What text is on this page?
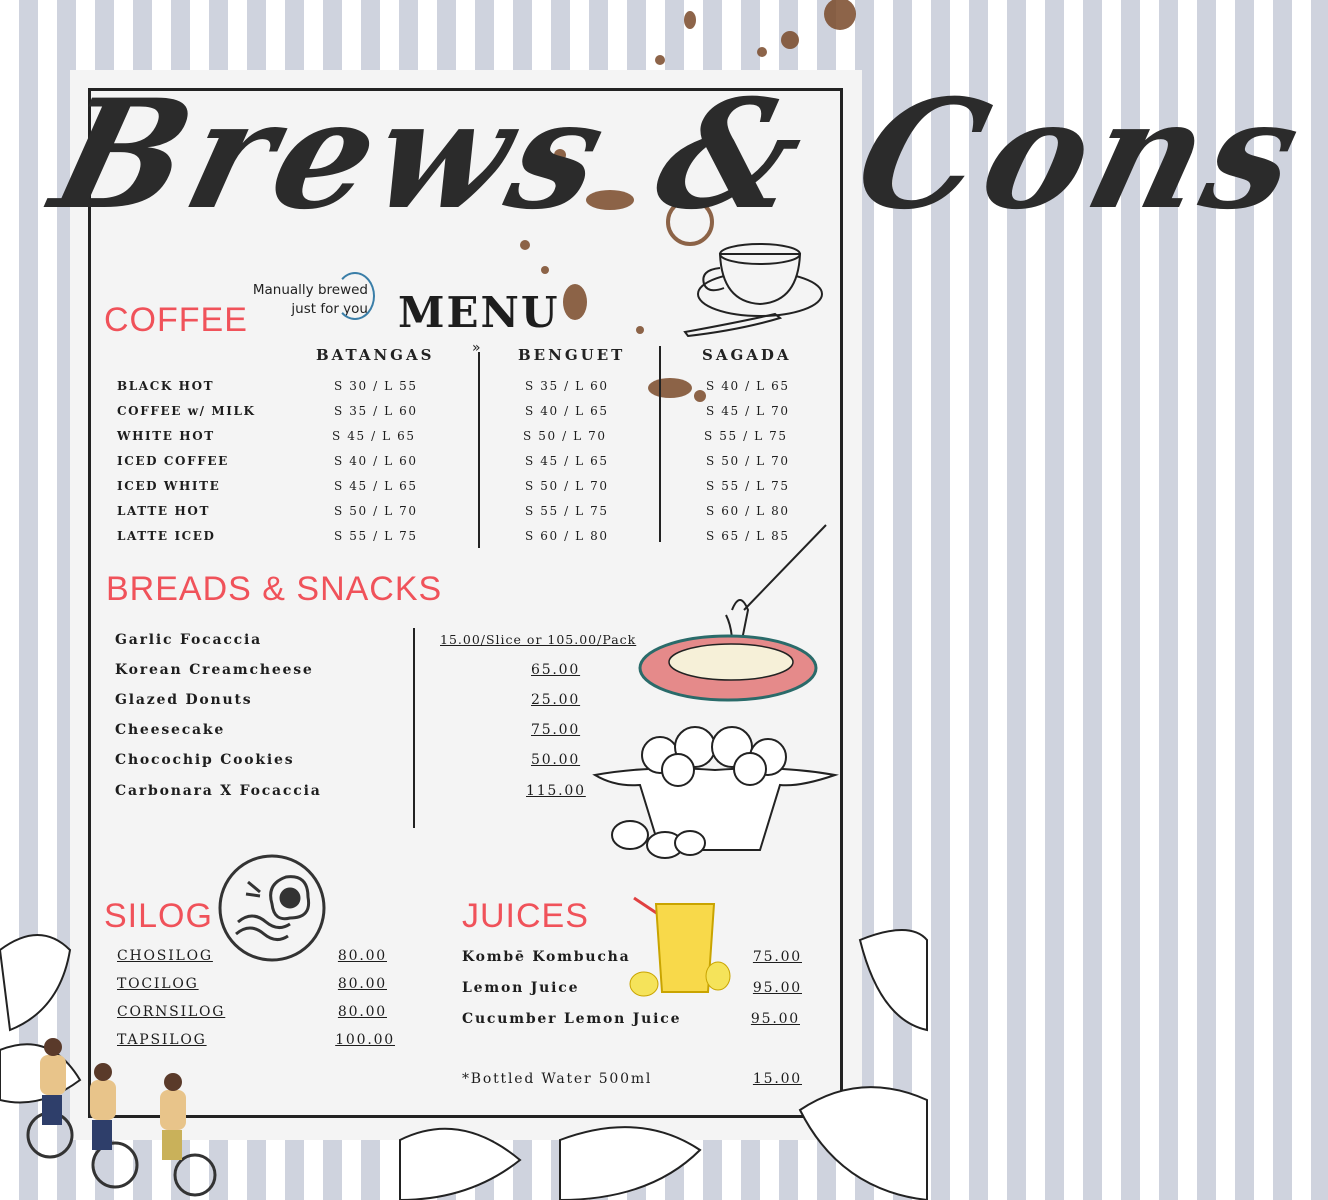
Brews & Cons
COFFEE
Manually brewed
just for you MENU
BATANGAS	BENGUET	SAGADA
»
BLACK HOT	S 30 / L 55	S 35 / L 60	S 40 / L 65
COFFEE w/ MILK	S 35 / L 60	S 40 / L 65	S 45 / L 70
WHITE HOT	S 45 / L 65	S 50 / L 70	S 55 / L 75
ICED COFFEE	S 40 / L 60	S 45 / L 65	S 50 / L 70
ICED WHITE	S 45 / L 65	S 50 / L 70	S 55 / L 75
LATTE HOT	S 50 / L 70	S 55 / L 75	S 60 / L 80
LATTE ICED	S 55 / L 75	S 60 / L 80	S 65 / L 85
BREADS & SNACKS
Garlic Focaccia	15.00/Slice or 105.00/Pack
Korean Creamcheese	65.00
Glazed Donuts	25.00
Cheesecake	75.00
Chocochip Cookies	50.00
Carbonara X Focaccia	115.00
SILOG
CHOSILOG	80.00
TOCILOG	80.00
CORNSILOG	80.00
TAPSILOG	100.00
JUICES
Kombē Kombucha	75.00
Lemon Juice	95.00
Cucumber Lemon Juice	95.00
*Bottled Water 500ml	15.00
